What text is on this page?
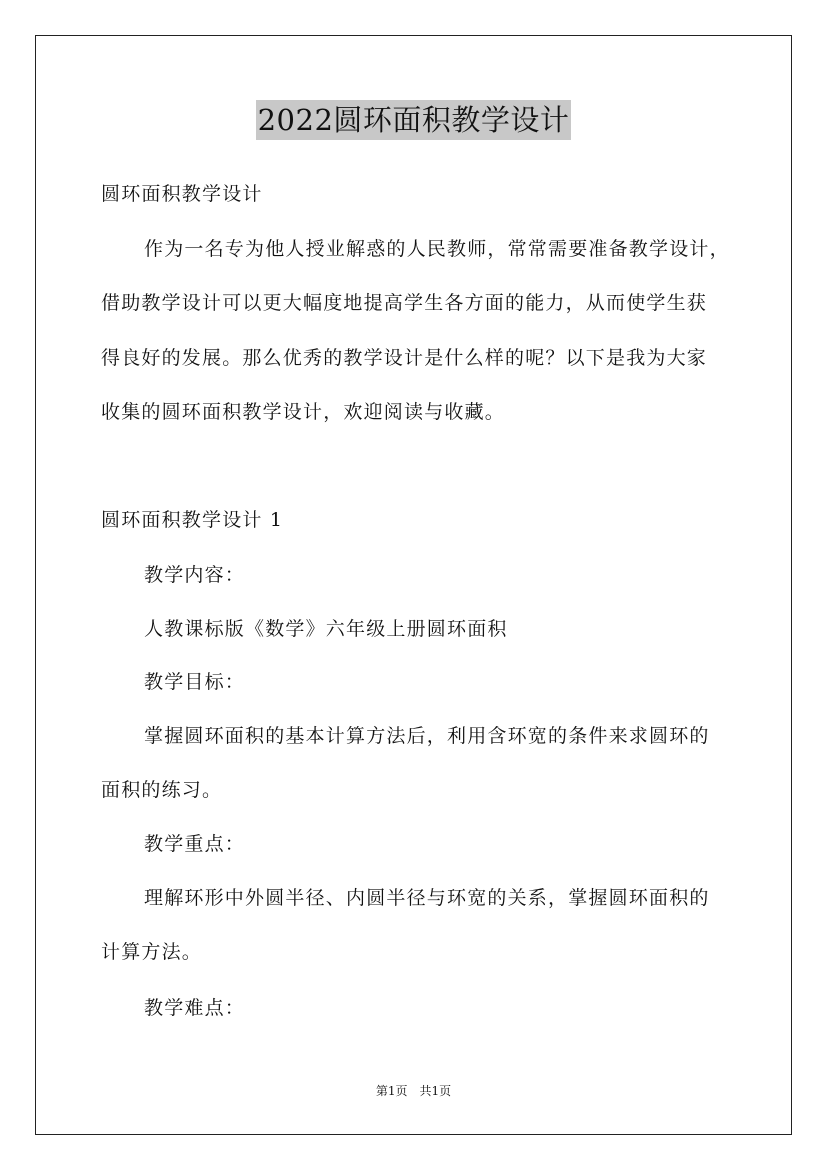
2022圆环面积教学设计
圆环面积教学设计
作为一名专为他人授业解惑的人民教师，常常需要准备教学设计，
借助教学设计可以更大幅度地提高学生各方面的能力，从而使学生获
得良好的发展。那么优秀的教学设计是什么样的呢？以下是我为大家
收集的圆环面积教学设计，欢迎阅读与收藏。
圆环面积教学设计 1
教学内容：
人教课标版《数学》六年级上册圆环面积
教学目标：
掌握圆环面积的基本计算方法后，利用含环宽的条件来求圆环的
面积的练习。
教学重点：
理解环形中外圆半径、内圆半径与环宽的关系，掌握圆环面积的
计算方法。
教学难点：
第1页　共1页
